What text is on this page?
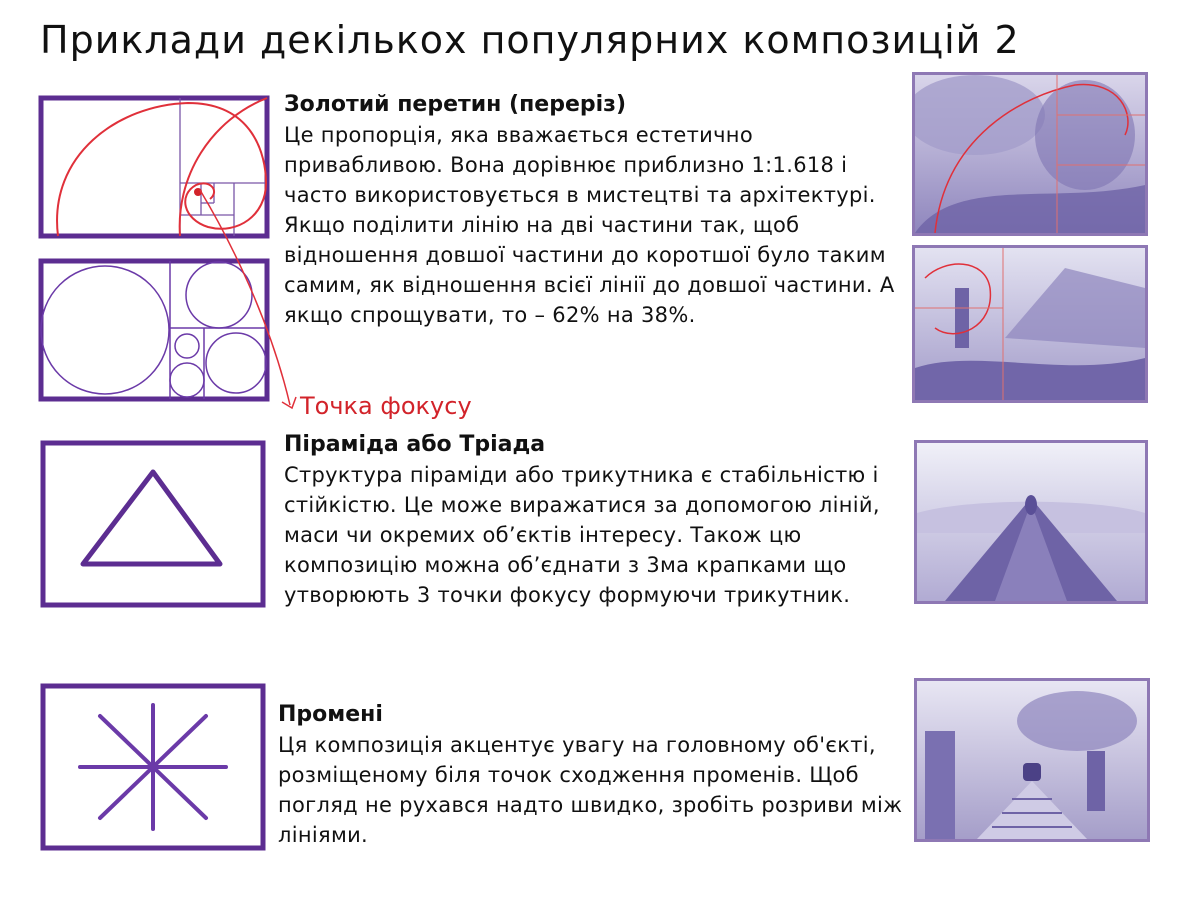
Приклади декількох популярних композицій 2
Точка фокусу
Золотий перетин (переріз)

Це пропорція, яка вважається естетично привабливою. Вона дорівнює приблизно 1:1.618 і часто використовується в мистецтві та архітектурі. Якщо поділити лінію на дві частини так, щоб відношення довшої частини до коротшої було таким самим, як відношення всієї лінії до довшої частини. А якщо спрощувати, то – 62% на 38%.

Піраміда або Тріада

Структура піраміди або трикутника є стабільністю і стійкістю. Це може виражатися за допомогою ліній, маси чи окремих об’єктів інтересу. Також цю композицію можна об’єднати з 3ма крапками що утворюють 3 точки фокусу формуючи трикутник.

Промені

Ця композиція акцентує увагу на головному об'єкті, розміщеному біля точок сходження променів. Щоб погляд не рухався надто швидко, зробіть розриви між лініями.
